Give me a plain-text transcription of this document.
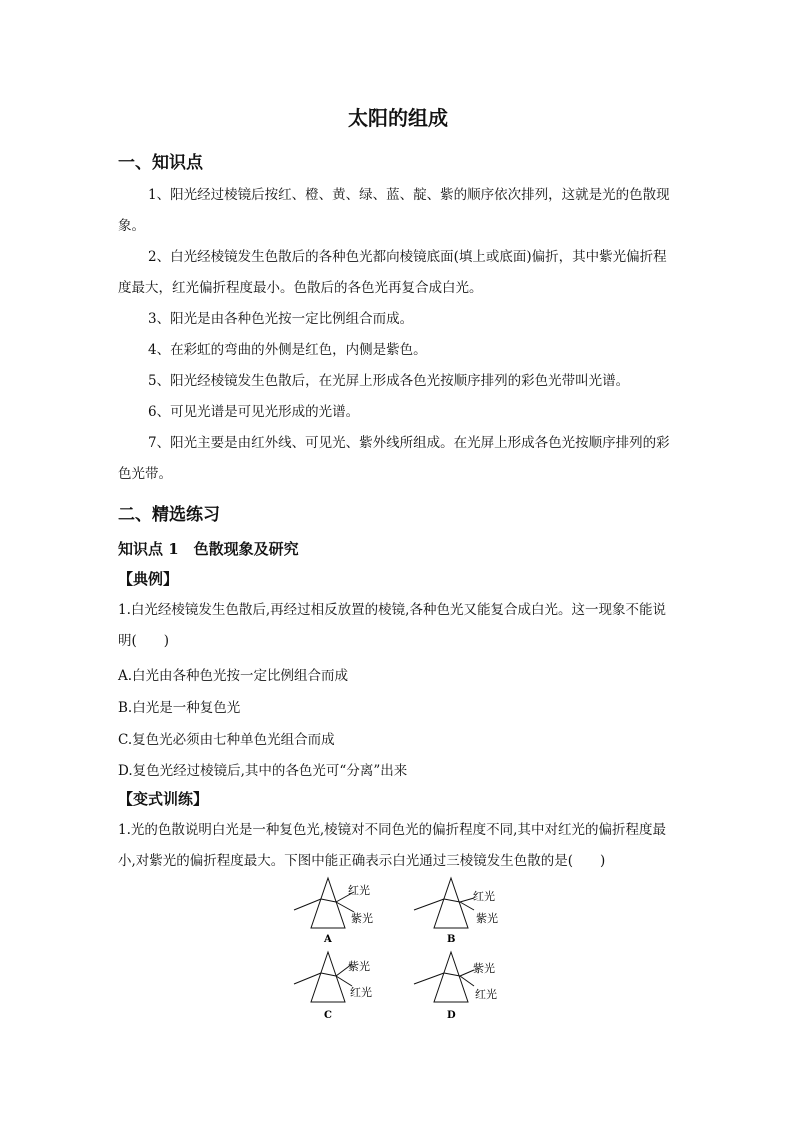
太阳的组成
一、知识点
1、阳光经过棱镜后按红、橙、黄、绿、蓝、靛、紫的顺序依次排列，这就是光的色散现象。
2、白光经棱镜发生色散后的各种色光都向棱镜底面(填上或底面)偏折，其中紫光偏折程度最大，红光偏折程度最小。色散后的各色光再复合成白光。
3、阳光是由各种色光按一定比例组合而成。
4、在彩虹的弯曲的外侧是红色，内侧是紫色。
5、阳光经棱镜发生色散后，在光屏上形成各色光按顺序排列的彩色光带叫光谱。
6、可见光谱是可见光形成的光谱。
7、阳光主要是由红外线、可见光、紫外线所组成。在光屏上形成各色光按顺序排列的彩色光带。
二、精选练习
知识点 1　色散现象及研究
【典例】
1.白光经棱镜发生色散后,再经过相反放置的棱镜,各种色光又能复合成白光。这一现象不能说明(　　)
A.白光由各种色光按一定比例组合而成
B.白光是一种复色光
C.复色光必须由七种单色光组合而成
D.复色光经过棱镜后,其中的各色光可“分离”出来
【变式训练】
1.光的色散说明白光是一种复色光,棱镜对不同色光的偏折程度不同,其中对红光的偏折程度最小,对紫光的偏折程度最大。下图中能正确表示白光通过三棱镜发生色散的是(　　)
红光
紫光
A
红光
紫光
B
紫光
红光
C
紫光
红光
D
